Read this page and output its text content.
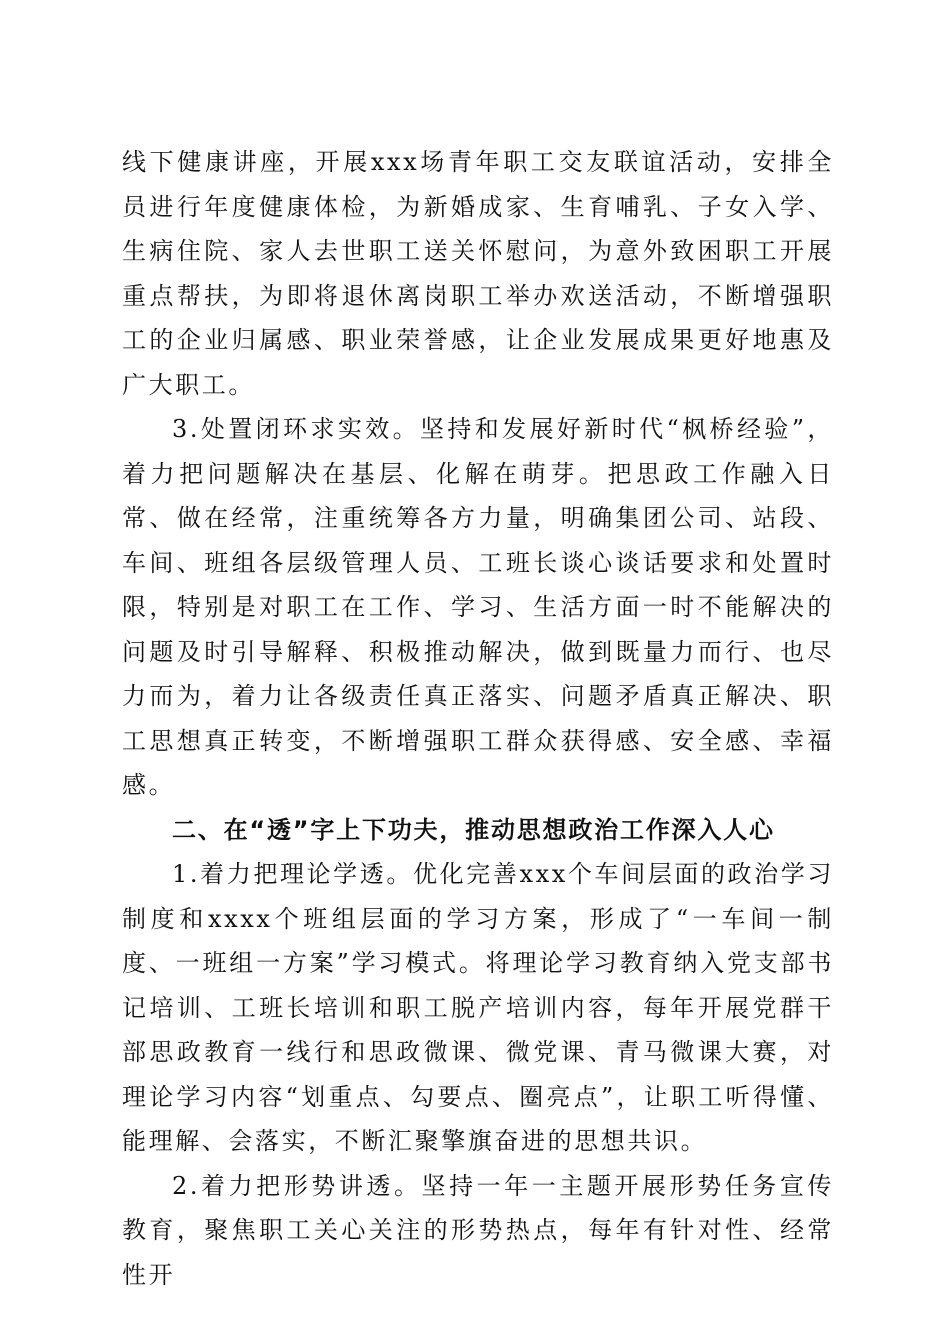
线下健康讲座，开展xxx场青年职工交友联谊活动，安排全员进行年度健康体检，为新婚成家、生育哺乳、子女入学、生病住院、家人去世职工送关怀慰问，为意外致困职工开展重点帮扶，为即将退休离岗职工举办欢送活动，不断增强职工的企业归属感、职业荣誉感，让企业发展成果更好地惠及广大职工。

3.处置闭环求实效。坚持和发展好新时代“枫桥经验”，着力把问题解决在基层、化解在萌芽。把思政工作融入日常、做在经常，注重统筹各方力量，明确集团公司、站段、车间、班组各层级管理人员、工班长谈心谈话要求和处置时限，特别是对职工在工作、学习、生活方面一时不能解决的问题及时引导解释、积极推动解决，做到既量力而行、也尽力而为，着力让各级责任真正落实、问题矛盾真正解决、职工思想真正转变，不断增强职工群众获得感、安全感、幸福感。

二、在“透”字上下功夫，推动思想政治工作深入人心

1.着力把理论学透。优化完善xxx个车间层面的政治学习制度和xxxx个班组层面的学习方案，形成了“一车间一制度、一班组一方案”学习模式。将理论学习教育纳入党支部书记培训、工班长培训和职工脱产培训内容，每年开展党群干部思政教育一线行和思政微课、微党课、青马微课大赛，对理论学习内容“划重点、勾要点、圈亮点”，让职工听得懂、能理解、会落实，不断汇聚擎旗奋进的思想共识。

2.着力把形势讲透。坚持一年一主题开展形势任务宣传教育，聚焦职工关心关注的形势热点，每年有针对性、经常性开
